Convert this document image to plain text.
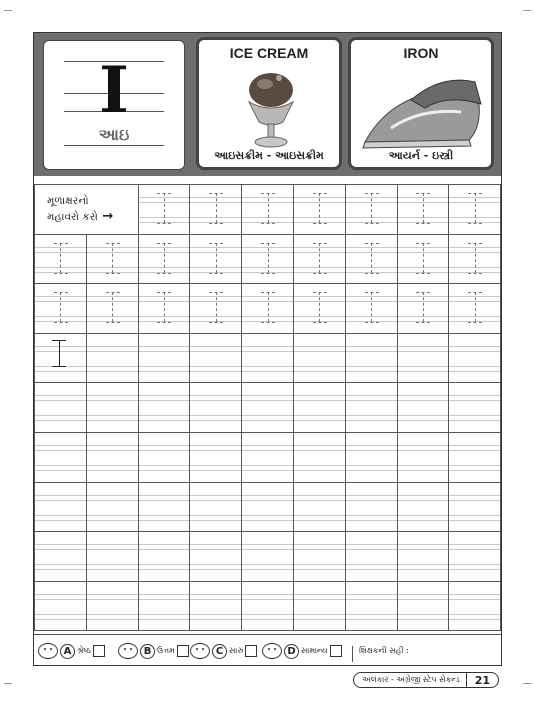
I
આઇ
ICE CREAM
આઇસક્રીમ - આઇસક્રીમ
IRON
આયર્ન - ઇસ્ત્રી
મૂળાક્ષરનો
મહાવરો કરો →
A શ્રેષ્ઠ	B ઉત્તમ	C સારું	D સામાન્ય	શિક્ષકની સહી :
અલંકાર - અંગ્રેજી સ્ટેપ સેકન્ડ	21
